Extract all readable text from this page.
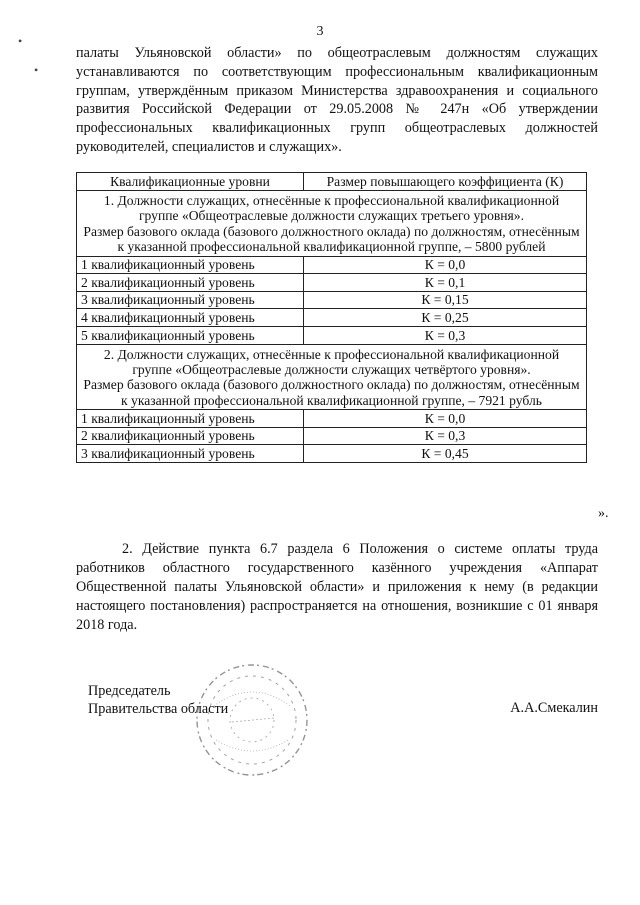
3
•
•

палаты Ульяновской области» по общеотраслевым должностям служащих устанавливаются по соответствующим профессиональным квалификационным группам, утверждённым приказом Министерства здравоохранения и социального развития Российской Федерации от 29.05.2008 № 247н «Об утверждении профессиональных квалификационных групп общеотраслевых должностей руководителей, специалистов и служащих».

Квалификационные уровни	Размер повышающего коэффициента (К)

1. Должности служащих, отнесённые к профессиональной квалификационной группе «Общеотраслевые должности служащих третьего уровня».
Размер базового оклада (базового должностного оклада) по должностям, отнесённым к указанной профессиональной квалификационной группе, – 5800 рублей	

1 квалификационный уровень	К = 0,0
2 квалификационный уровень	К = 0,1
3 квалификационный уровень	К = 0,15
4 квалификационный уровень	К = 0,25
5 квалификационный уровень	К = 0,3

2. Должности служащих, отнесённые к профессиональной квалификационной группе «Общеотраслевые должности служащих четвёртого уровня».
Размер базового оклада (базового должностного оклада) по должностям, отнесённым к указанной профессиональной квалификационной группе, – 7921 рубль	

1 квалификационный уровень	К = 0,0
2 квалификационный уровень	К = 0,3
3 квалификационный уровень	К = 0,45
».

2. Действие пункта 6.7 раздела 6 Положения о системе оплаты труда работников областного государственного казённого учреждения «Аппарат Общественной палаты Ульяновской области» и приложения к нему (в редакции настоящего постановления) распространяется на отношения, возникшие с 01 января 2018 года.

Председатель
Правительства области	А.А.Смекалин
